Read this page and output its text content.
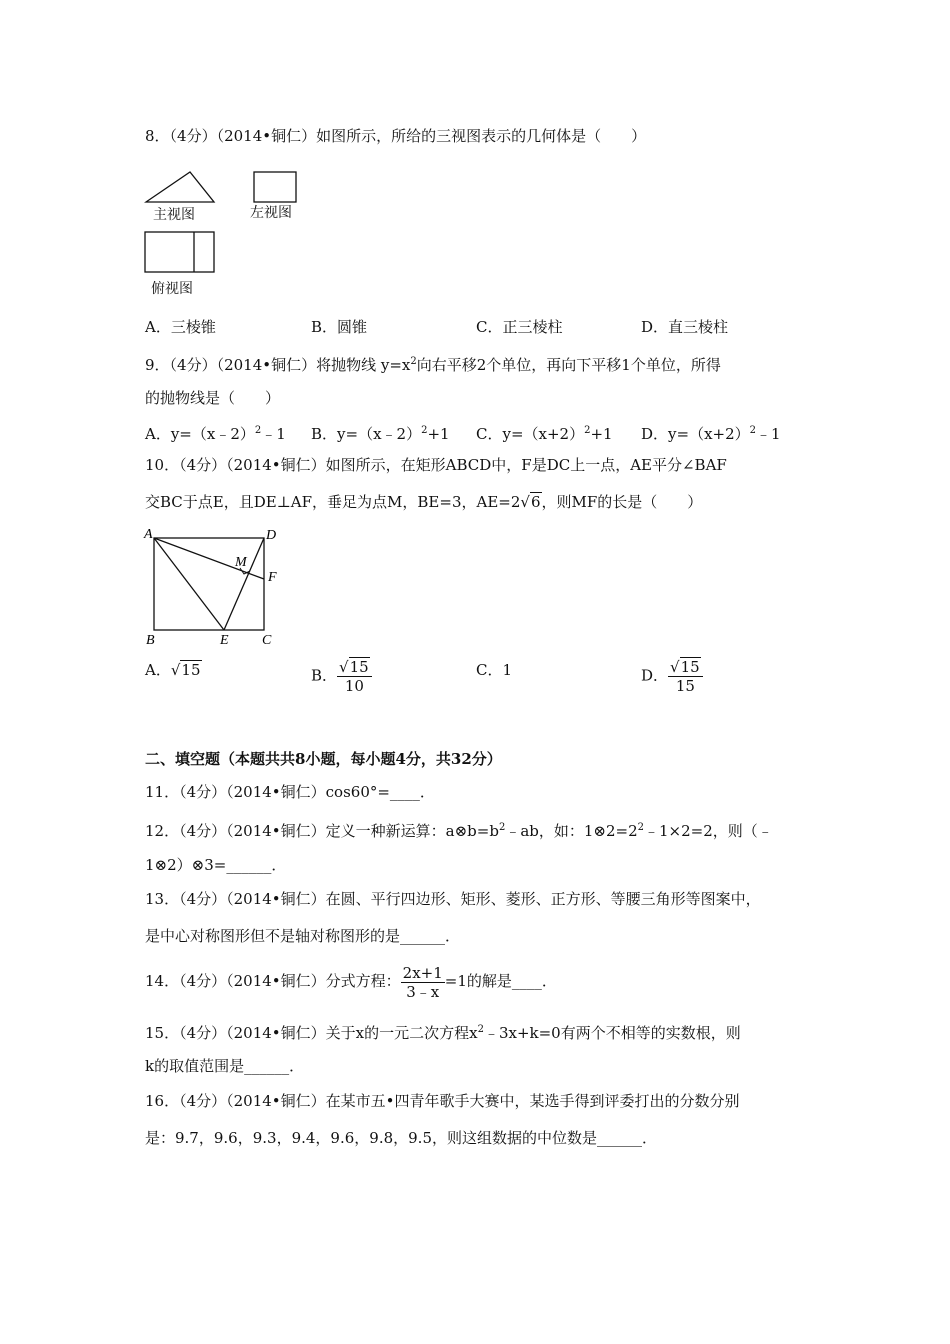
8．（4分）（2014•铜仁）如图所示，所给的三视图表示的几何体是（　　）
主视图	左视图
俯视图
A．三棱锥	B．圆锥	C．正三棱柱	D．直三棱柱
9．（4分）（2014•铜仁）将抛物线 $y=x^2$向右平移2个单位，再向下平移1个单位，所得
的抛物线是（　　）
A．y=（x﹣2）$^2$﹣1 B．y=（x﹣2）$^2$+1 C．$y=(x+2)^2+1$ D．$y=(x+2)^2﹣1$
10．（4分）（2014•铜仁）如图所示，在矩形ABCD中，F是DC上一点，AE平分∠BAF
交BC于点E，且DE⊥AF，垂足为点M，BE=3，AE=2√6，则MF的长是（　　）
A	D
M
F
B	E C
A．√15	B． $\frac{√15}{10}$	C．1	D． $\frac{√15}{15}$
二、填空题（本题共共8小题，每小题4分，共32分）
11．（4分）（2014•铜仁）cos60°=____．
12．（4分）（2014•铜仁）定义一种新运算：$a\otimes b=b^2﹣ab$，如：$1\otimes 2=2^2﹣1\times 2=2$，则（﹣
1⊗2）⊗3=______．
13．（4分）（2014•铜仁）在圆、平行四边形、矩形、菱形、正方形、等腰三角形等图案中，
是中心对称图形但不是轴对称图形的是______．
14．（4分）（2014•铜仁）分式方程： $\frac{2x+1}{3﹣x} =1$的解是____．
15．（4分）（2014•铜仁）关于x的一元二次方程$x^2﹣3x+k=0$有两个不相等的实数根，则
k的取值范围是______．
16．（4分）（2014•铜仁）在某市五•四青年歌手大赛中，某选手得到评委打出的分数分别
是：9.7，9.6，9.3，9.4，9.6，9.8，9.5，则这组数据的中位数是______．
